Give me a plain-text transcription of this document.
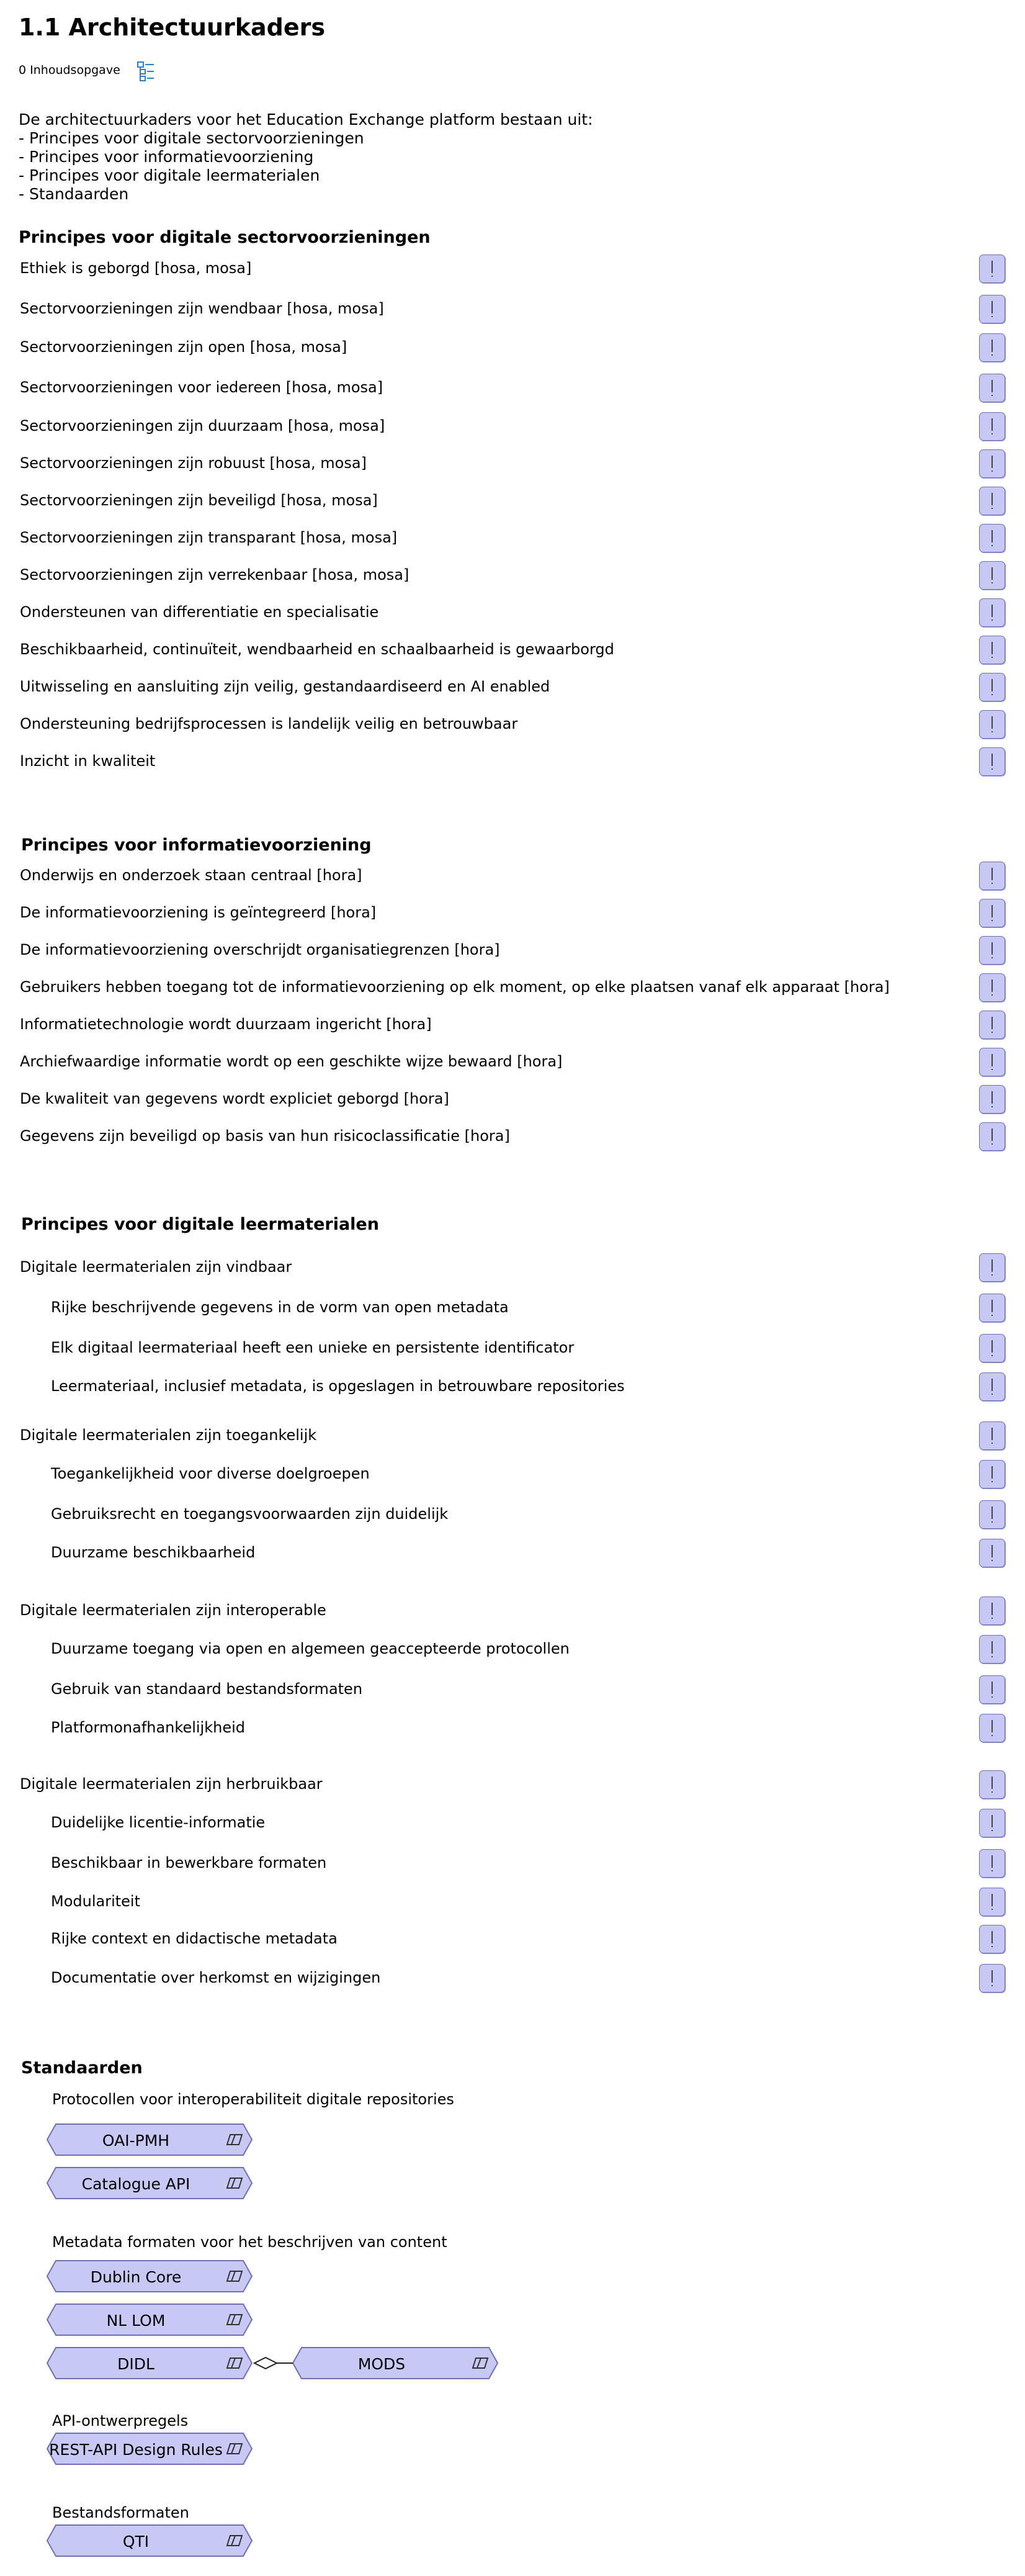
1.1 Architectuurkaders
0 Inhoudsopgave
De architectuurkaders voor het Education Exchange platform bestaan uit:
- Principes voor digitale sectorvoorzieningen
- Principes voor informatievoorziening
- Principes voor digitale leermaterialen
- Standaarden
Principes voor digitale sectorvoorzieningen
Ethiek is geborgd [hosa, mosa]
Sectorvoorzieningen zijn wendbaar [hosa, mosa]
Sectorvoorzieningen zijn open [hosa, mosa]
Sectorvoorzieningen voor iedereen [hosa, mosa]
Sectorvoorzieningen zijn duurzaam [hosa, mosa]
Sectorvoorzieningen zijn robuust [hosa, mosa]
Sectorvoorzieningen zijn beveiligd [hosa, mosa]
Sectorvoorzieningen zijn transparant [hosa, mosa]
Sectorvoorzieningen zijn verrekenbaar [hosa, mosa]
Ondersteunen van differentiatie en specialisatie
Beschikbaarheid, continuïteit, wendbaarheid en schaalbaarheid is gewaarborgd
Uitwisseling en aansluiting zijn veilig, gestandaardiseerd en AI enabled
Ondersteuning bedrijfsprocessen is landelijk veilig en betrouwbaar
Inzicht in kwaliteit
Principes voor informatievoorziening
Onderwijs en onderzoek staan centraal [hora]
De informatievoorziening is geïntegreerd [hora]
De informatievoorziening overschrijdt organisatiegrenzen [hora]
Gebruikers hebben toegang tot de informatievoorziening op elk moment, op elke plaatsen vanaf elk apparaat [hora]
Informatietechnologie wordt duurzaam ingericht [hora]
Archiefwaardige informatie wordt op een geschikte wijze bewaard [hora]
De kwaliteit van gegevens wordt expliciet geborgd [hora]
Gegevens zijn beveiligd op basis van hun risicoclassificatie [hora]
Principes voor digitale leermaterialen
Digitale leermaterialen zijn vindbaar
Rijke beschrijvende gegevens in de vorm van open metadata
Elk digitaal leermateriaal heeft een unieke en persistente identificator
Leermateriaal, inclusief metadata, is opgeslagen in betrouwbare repositories
Digitale leermaterialen zijn toegankelijk
Toegankelijkheid voor diverse doelgroepen
Gebruiksrecht en toegangsvoorwaarden zijn duidelijk
Duurzame beschikbaarheid
Digitale leermaterialen zijn interoperable
Duurzame toegang via open en algemeen geaccepteerde protocollen
Gebruik van standaard bestandsformaten
Platformonafhankelijkheid
Digitale leermaterialen zijn herbruikbaar
Duidelijke licentie-informatie
Beschikbaar in bewerkbare formaten
Modulariteit
Rijke context en didactische metadata
Documentatie over herkomst en wijzigingen
Standaarden
Protocollen voor interoperabiliteit digitale repositories
Metadata formaten voor het beschrijven van content
API-ontwerpregels
Bestandsformaten
OAI-PMH
Catalogue API
Dublin Core
NL LOM
DIDL	MODS
REST-API Design Rules
QTI
